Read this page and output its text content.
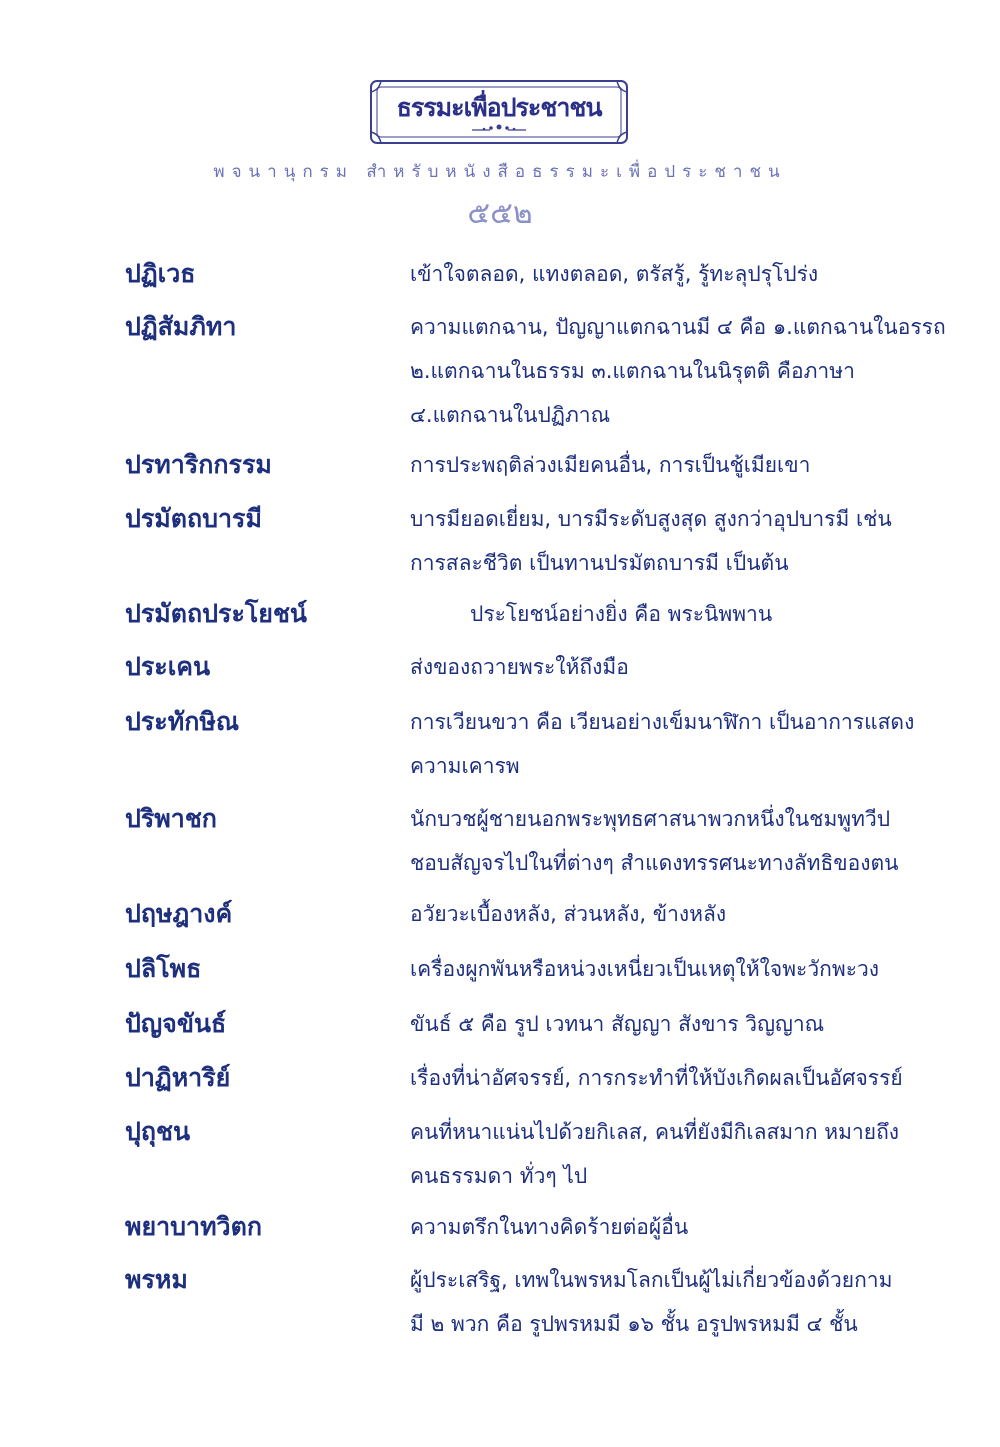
ธรรมะเพื่อประชาชน
พจนานุกรม สำหรับหนังสือธรรมะเพื่อประชาชน
๕๕๒
ปฏิเวธ	เข้าใจตลอด, แทงตลอด, ตรัสรู้, รู้ทะลุปรุโปร่ง
ปฏิสัมภิทา	ความแตกฉาน, ปัญญาแตกฉานมี ๔ คือ ๑.แตกฉานในอรรถ
๒.แตกฉานในธรรม ๓.แตกฉานในนิรุตติ คือภาษา
๔.แตกฉานในปฏิภาณ
ปรทาริกกรรม	การประพฤติล่วงเมียคนอื่น, การเป็นชู้เมียเขา
ปรมัตถบารมี	บารมียอดเยี่ยม, บารมีระดับสูงสุด สูงกว่าอุปบารมี เช่น
การสละชีวิต เป็นทานปรมัตถบารมี เป็นต้น
ปรมัตถประโยชน์	ประโยชน์อย่างยิ่ง คือ พระนิพพาน
ประเคน	ส่งของถวายพระให้ถึงมือ
ประทักษิณ	การเวียนขวา คือ เวียนอย่างเข็มนาฬิกา เป็นอาการแสดง
ความเคารพ
ปริพาชก	นักบวชผู้ชายนอกพระพุทธศาสนาพวกหนึ่งในชมพูทวีป
ชอบสัญจรไปในที่ต่างๆ สำแดงทรรศนะทางลัทธิของตน
ปฤษฎางค์	อวัยวะเบื้องหลัง, ส่วนหลัง, ข้างหลัง
ปลิโพธ	เครื่องผูกพันหรือหน่วงเหนี่ยวเป็นเหตุให้ใจพะวักพะวง
ปัญจขันธ์	ขันธ์ ๕ คือ รูป เวทนา สัญญา สังขาร วิญญาณ
ปาฏิหาริย์	เรื่องที่น่าอัศจรรย์, การกระทำที่ให้บังเกิดผลเป็นอัศจรรย์
ปุถุชน	คนที่หนาแน่นไปด้วยกิเลส, คนที่ยังมีกิเลสมาก หมายถึง
คนธรรมดา ทั่วๆ ไป
พยาบาทวิตก	ความตรึกในทางคิดร้ายต่อผู้อื่น
พรหม	ผู้ประเสริฐ, เทพในพรหมโลกเป็นผู้ไม่เกี่ยวข้องด้วยกาม
มี ๒ พวก คือ รูปพรหมมี ๑๖ ชั้น อรูปพรหมมี ๔ ชั้น
